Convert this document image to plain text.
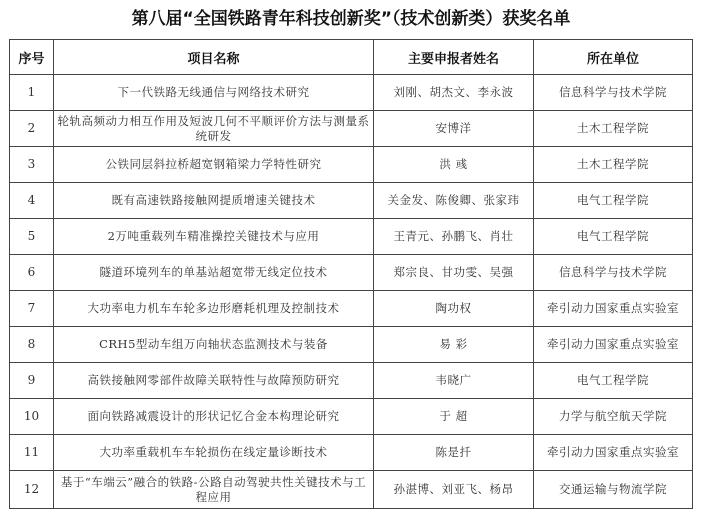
第八届“全国铁路青年科技创新奖”（技术创新类）获奖名单
序号	项目名称	主要申报者姓名	所在单位
1	下一代铁路无线通信与网络技术研究	刘刚、胡杰文、李永波	信息科学与技术学院
2	轮轨高频动力相互作用及短波几何不平顺评价方法与测量系统研发	安博洋	土木工程学院
3	公铁同层斜拉桥超宽钢箱梁力学特性研究	洪 彧	土木工程学院
4	既有高速铁路接触网提质增速关键技术	关金发、陈俊卿、张家玮	电气工程学院
5	2万吨重载列车精准操控关键技术与应用	王青元、孙鹏飞、肖壮	电气工程学院
6	隧道环境列车的单基站超宽带无线定位技术	郑宗良、甘功雯、吴强	信息科学与技术学院
7	大功率电力机车车轮多边形磨耗机理及控制技术	陶功权	牵引动力国家重点实验室
8	CRH5型动车组万向轴状态监测技术与装备	易 彩	牵引动力国家重点实验室
9	高铁接触网零部件故障关联特性与故障预防研究	韦晓广	电气工程学院
10	面向铁路减震设计的形状记忆合金本构理论研究	于 超	力学与航空航天学院
11	大功率重载机车车轮损伤在线定量诊断技术	陈是扦	牵引动力国家重点实验室
12	基于“车端云”融合的铁路-公路自动驾驶共性关键技术与工程应用	孙湛博、刘亚飞、杨昂	交通运输与物流学院
